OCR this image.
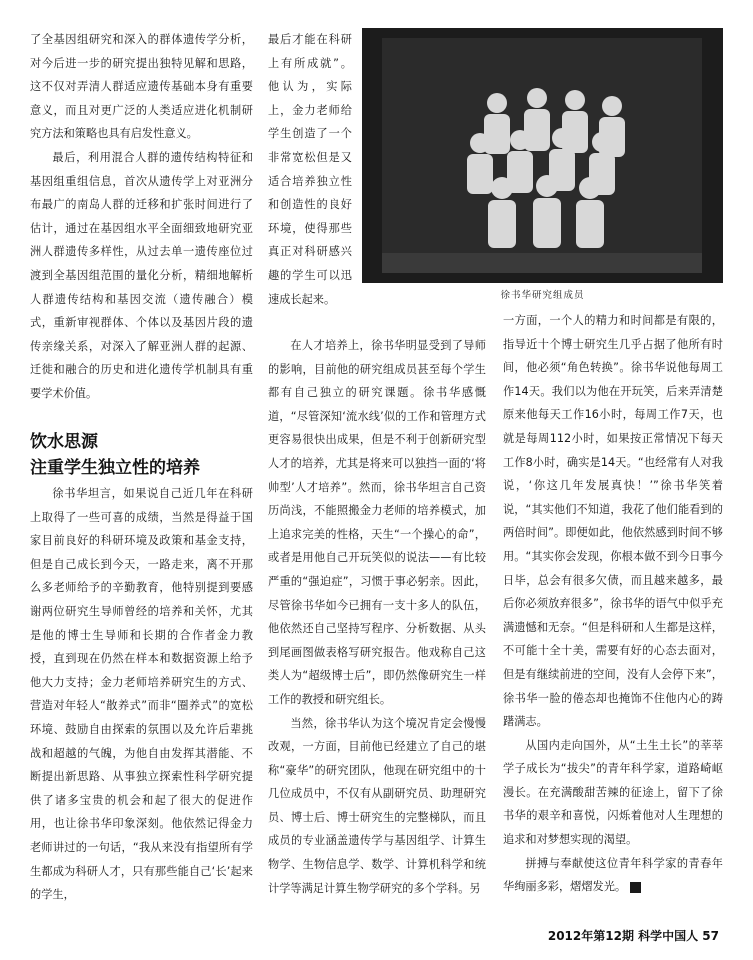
了全基因组研究和深入的群体遗传学分析，对今后进一步的研究提出独特见解和思路，这不仅对弄清人群适应遗传基础本身有重要意义，而且对更广泛的人类适应进化机制研究方法和策略也具有启发性意义。

最后，利用混合人群的遗传结构特征和基因组重组信息，首次从遗传学上对亚洲分布最广的南岛人群的迁移和扩张时间进行了估计，通过在基因组水平全面细致地研究亚洲人群遗传多样性，从过去单一遗传座位过渡到全基因组范围的量化分析，精细地解析人群遗传结构和基因交流（遗传融合）模式，重新审视群体、个体以及基因片段的遗传亲缘关系，对深入了解亚洲人群的起源、迁徙和融合的历史和进化遗传学机制具有重要学术价值。

饮水思源
注重学生独立性的培养

徐书华坦言，如果说自己近几年在科研上取得了一些可喜的成绩，当然是得益于国家目前良好的科研环境及政策和基金支持，但是自己成长到今天，一路走来，离不开那么多老师给予的辛勤教育，他特别提到要感谢两位研究生导师曾经的培养和关怀，尤其是他的博士生导师和长期的合作者金力教授，直到现在仍然在样本和数据资源上给予他大力支持；金力老师培养研究生的方式、营造对年轻人“散养式”而非“圈养式”的宽松环境、鼓励自由探索的氛围以及允许后辈挑战和超越的气魄，为他自由发挥其潜能、不断提出新思路、从事独立探索性科学研究提供了诸多宝贵的机会和起了很大的促进作用，也让徐书华印象深刻。他依然记得金力老师讲过的一句话，“我从来没有指望所有学生都成为科研人才，只有那些能自己‘长’起来的学生，

最后才能在科研上有所成就”。他认为，实际上，金力老师给学生创造了一个非常宽松但是又适合培养独立性和创造性的良好环境，使得那些真正对科研感兴趣的学生可以迅速成长起来。

在人才培养上，徐书华明显受到了导师的影响，目前他的研究组成员甚至每个学生都有自己独立的研究课题。徐书华感慨道，“尽管深知‘流水线’似的工作和管理方式更容易很快出成果，但是不利于创新研究型人才的培养，尤其是将来可以独挡一面的‘将帅型’人才培养”。然而，徐书华坦言自己资历尚浅，不能照搬金力老师的培养模式，加上追求完美的性格，天生“一个操心的命”，或者是用他自己开玩笑似的说法——有比较严重的“强迫症”，习惯于事必躬亲。因此，尽管徐书华如今已拥有一支十多人的队伍，他依然还自己坚持写程序、分析数据、从头到尾画图做表格写研究报告。他戏称自己这类人为“超级博士后”，即仍然像研究生一样工作的教授和研究组长。

当然，徐书华认为这个境况肯定会慢慢改观，一方面，目前他已经建立了自己的堪称“豪华”的研究团队，他现在研究组中的十几位成员中，不仅有从副研究员、助理研究员、博士后、博士研究生的完整梯队，而且成员的专业涵盖遗传学与基因组学、计算生物学、生物信息学、数学、计算机科学和统计学等满足计算生物学研究的多个学科。另

徐书华研究组成员

一方面，一个人的精力和时间都是有限的，指导近十个博士研究生几乎占据了他所有时间，他必须“角色转换”。徐书华说他每周工作14天。我们以为他在开玩笑，后来弄清楚原来他每天工作16小时，每周工作7天，也就是每周112小时，如果按正常情况下每天工作8小时，确实是14天。“也经常有人对我说，‘你这几年发展真快！’”徐书华笑着说，“其实他们不知道，我花了他们能看到的两倍时间”。即便如此，他依然感到时间不够用。“其实你会发现，你根本做不到今日事今日毕，总会有很多欠债，而且越来越多，最后你必须放弃很多”，徐书华的语气中似乎充满遗憾和无奈。“但是科研和人生都是这样，不可能十全十美，需要有好的心态去面对，但是有继续前进的空间，没有人会停下来”，徐书华一脸的倦态却也掩饰不住他内心的踌躇满志。

从国内走向国外，从“土生土长”的莘莘学子成长为“拔尖”的青年科学家，道路崎岖漫长。在充满酸甜苦辣的征途上，留下了徐书华的艰辛和喜悦，闪烁着他对人生理想的追求和对梦想实现的渴望。

拼搏与奉献使这位青年科学家的青春年华绚丽多彩，熠熠发光。	R

2012年第12期 科学中国人 57
